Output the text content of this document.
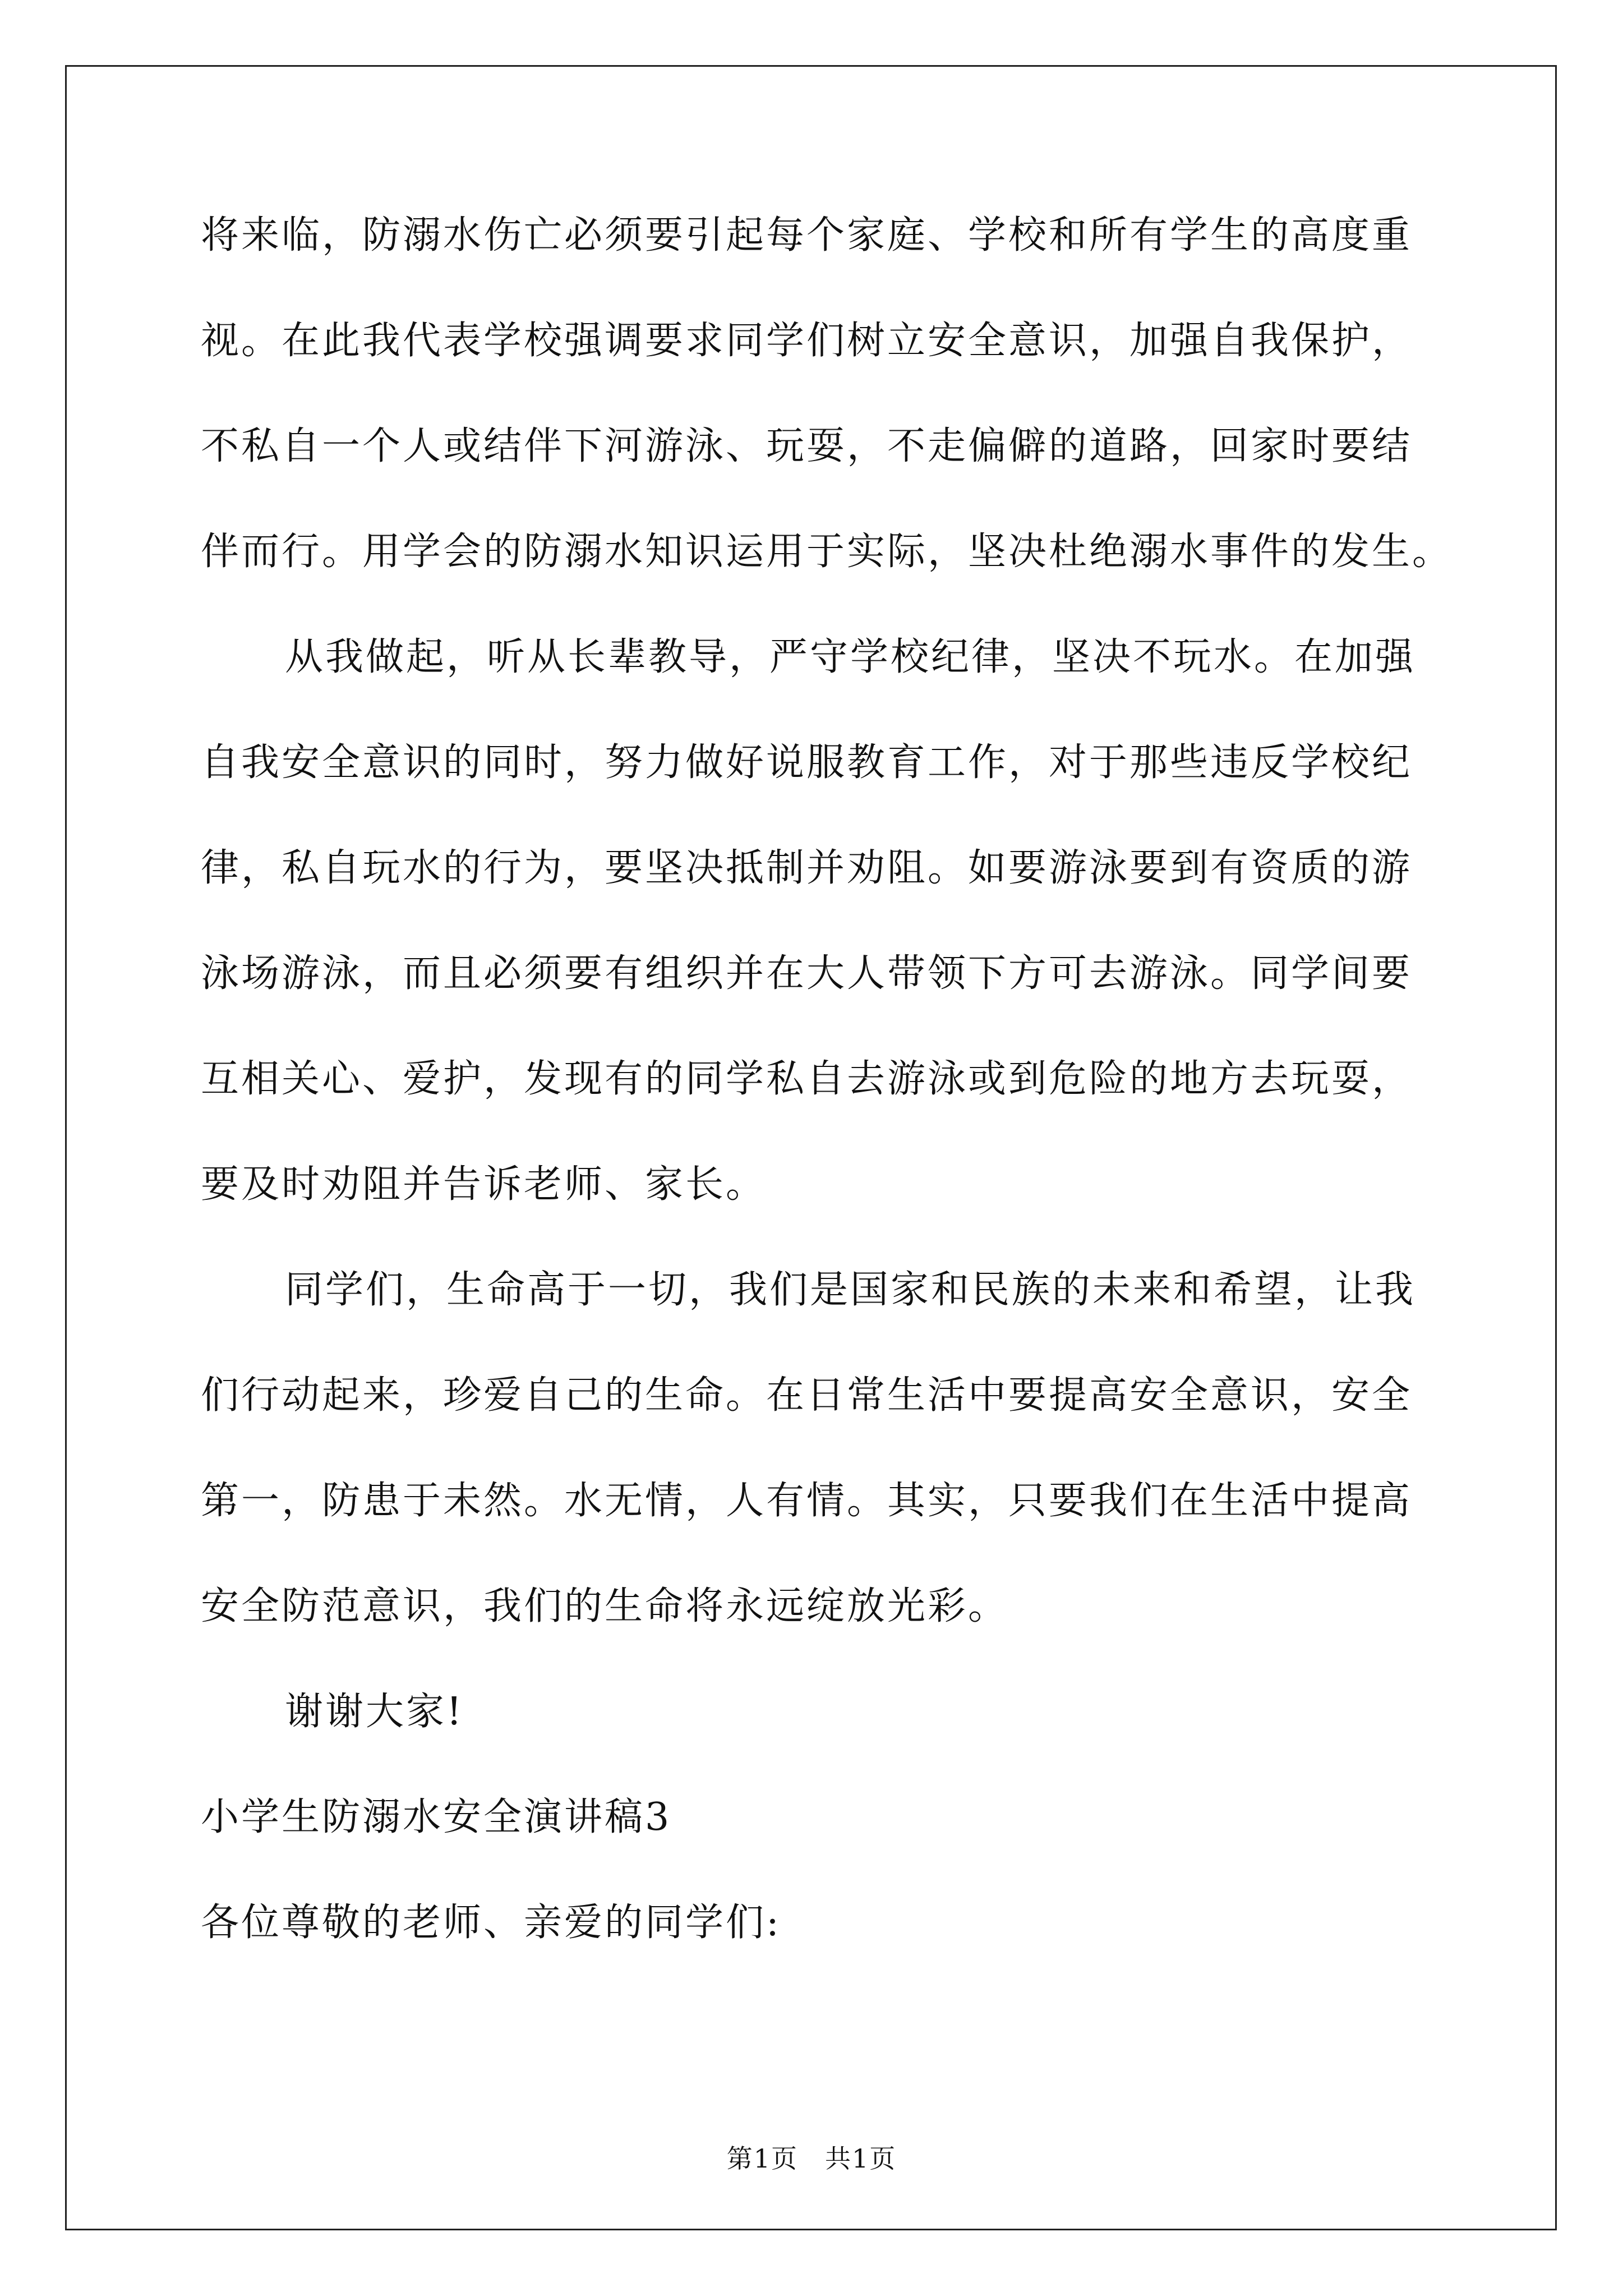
将来临，防溺水伤亡必须要引起每个家庭、学校和所有学生的高度重
视。在此我代表学校强调要求同学们树立安全意识，加强自我保护，
不私自一个人或结伴下河游泳、玩耍，不走偏僻的道路，回家时要结
伴而行。用学会的防溺水知识运用于实际，坚决杜绝溺水事件的发生。
从我做起，听从长辈教导，严守学校纪律，坚决不玩水。在加强
自我安全意识的同时，努力做好说服教育工作，对于那些违反学校纪
律，私自玩水的行为，要坚决抵制并劝阻。如要游泳要到有资质的游
泳场游泳，而且必须要有组织并在大人带领下方可去游泳。同学间要
互相关心、爱护，发现有的同学私自去游泳或到危险的地方去玩耍，
要及时劝阻并告诉老师、家长。
同学们，生命高于一切，我们是国家和民族的未来和希望，让我
们行动起来，珍爱自己的生命。在日常生活中要提高安全意识，安全
第一，防患于未然。水无情，人有情。其实，只要我们在生活中提高
安全防范意识，我们的生命将永远绽放光彩。
谢谢大家!
小学生防溺水安全演讲稿3
各位尊敬的老师、亲爱的同学们:
第1页　共1页
